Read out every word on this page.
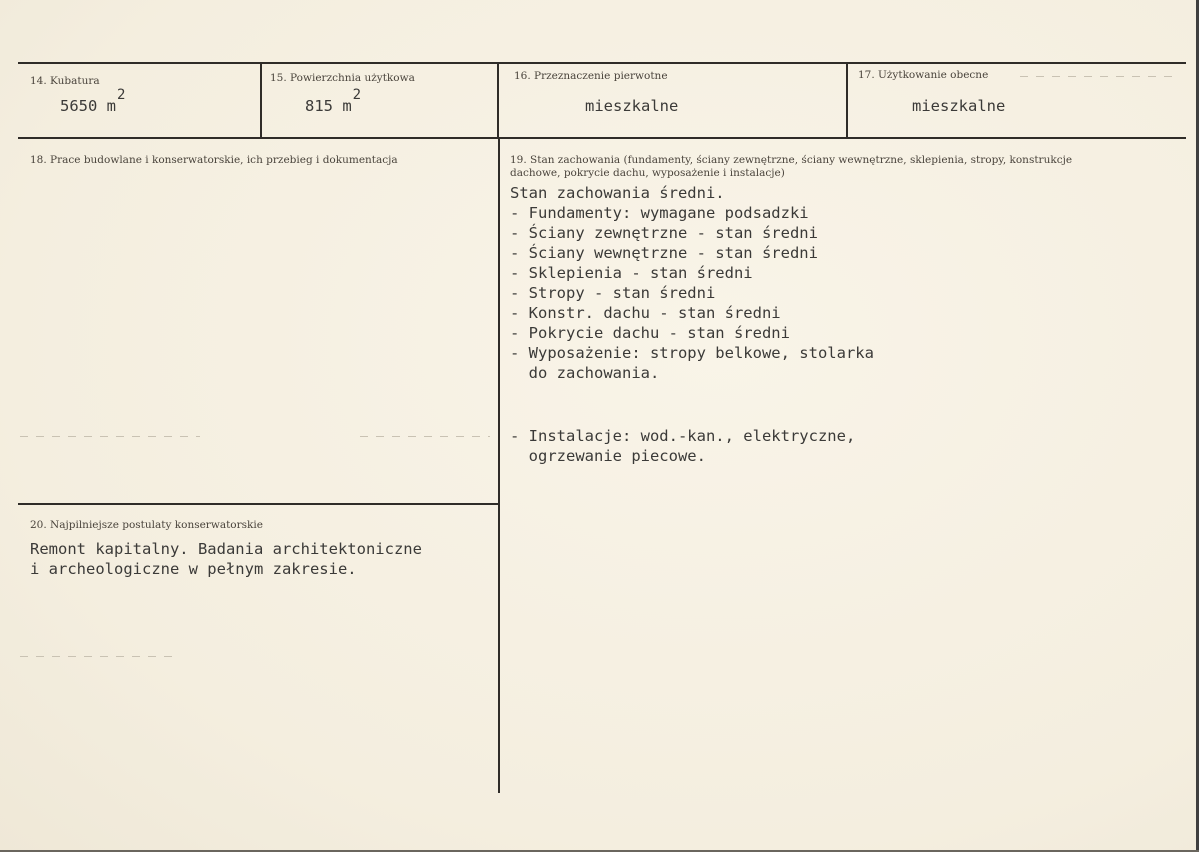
14. Kubatura
5650 m2
15. Powierzchnia użytkowa
815 m2
16. Przeznaczenie pierwotne
mieszkalne
17. Użytkowanie obecne
mieszkalne
18. Prace budowlane i konserwatorskie, ich przebieg i dokumentacja	19. Stan zachowania (fundamenty, ściany zewnętrzne, ściany wewnętrzne, sklepienia, stropy, konstrukcje dachowe, pokrycie dachu, wyposażenie i instalacje)
Stan zachowania średni.
- Fundamenty: wymagane podsadzki
- Ściany zewnętrzne - stan średni
- Ściany wewnętrzne - stan średni
- Sklepienia - stan średni
- Stropy - stan średni
- Konstr. dachu - stan średni
- Pokrycie dachu - stan średni
- Wyposażenie: stropy belkowe, stolarka
do zachowania.
- Instalacje: wod.-kan., elektryczne,
ogrzewanie piecowe.
20. Najpilniejsze postulaty konserwatorskie
Remont kapitalny. Badania architektoniczne
i archeologiczne w pełnym zakresie.
